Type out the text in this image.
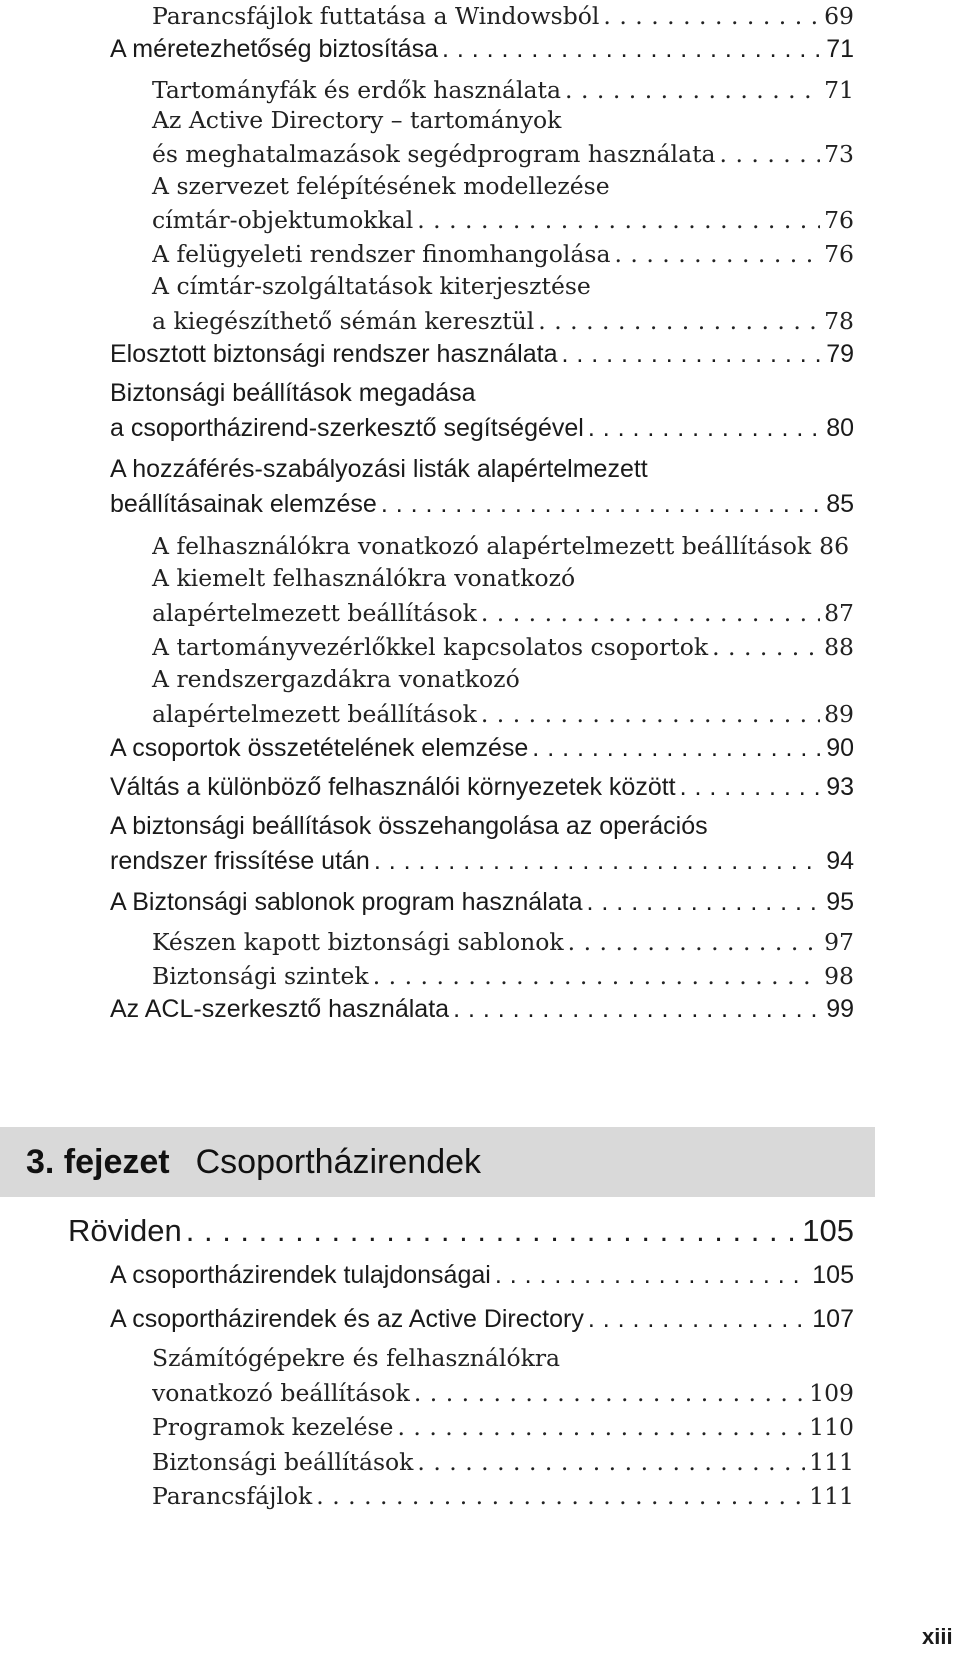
Parancsfájlok futtatása a Windowsból . . .	69
A méretezhetőség biztosítása . . .	71
Tartományfák és erdők használata . . .	71
Az Active Directory – tartományok
és meghatalmazások segédprogram használata . . .	73
A szervezet felépítésének modellezése
címtár-objektumokkal . . .	76
A felügyeleti rendszer finomhangolása . . .	76
A címtár-szolgáltatások kiterjesztése
a kiegészíthető sémán keresztül . . .	78
Elosztott biztonsági rendszer használata . . .	79
Biztonsági beállítások megadása
a csoportházirend-szerkesztő segítségével . . .	80
A hozzáférés-szabályozási listák alapértelmezett
beállításainak elemzése . . .	85
A felhasználókra vonatkozó alapértelmezett beállítások 86
A kiemelt felhasználókra vonatkozó
alapértelmezett beállítások . . .	87
A tartományvezérlőkkel kapcsolatos csoportok . . .	88
A rendszergazdákra vonatkozó
alapértelmezett beállítások . . .	89
A csoportok összetételének elemzése . . .	90
Váltás a különböző felhasználói környezetek között . . .	93
A biztonsági beállítások összehangolása az operációs
rendszer frissítése után . . .	94
A Biztonsági sablonok program használata . . .	95
Készen kapott biztonsági sablonok . . .	97
Biztonsági szintek . . .	98
Az ACL-szerkesztő használata . . .	99
3. fejezet Csoportházirendek
Röviden . . .	105
A csoportházirendek tulajdonságai . . .	105
A csoportházirendek és az Active Directory . . .	107
Számítógépekre és felhasználókra
vonatkozó beállítások . . .	109
Programok kezelése . . .	110
Biztonsági beállítások . . .	111
Parancsfájlok . . .	111
xiii
